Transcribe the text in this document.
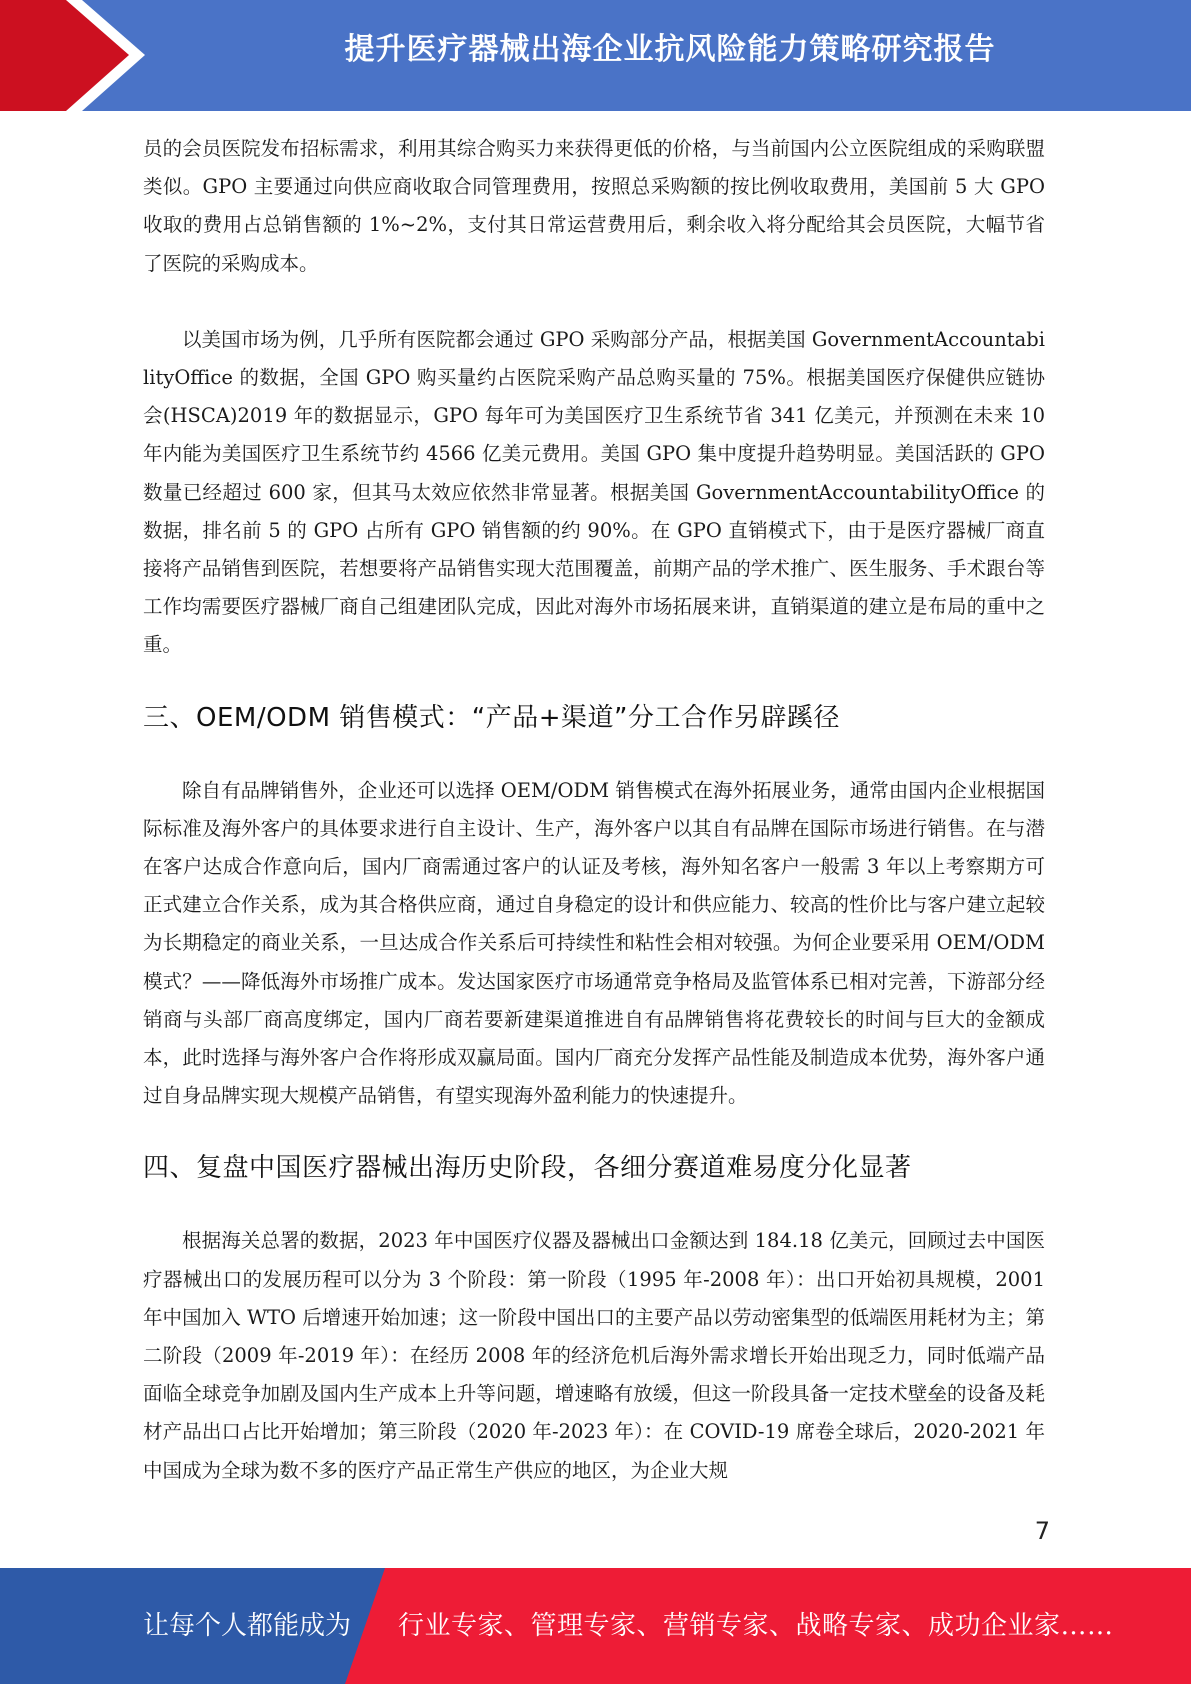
提升医疗器械出海企业抗风险能力策略研究报告

员的会员医院发布招标需求，利用其综合购买力来获得更低的价格，与当前国内公立医院组成的采购联盟类似。GPO 主要通过向供应商收取合同管理费用，按照总采购额的按比例收取费用，美国前 5 大 GPO 收取的费用占总销售额的 1%~2%，支付其日常运营费用后，剩余收入将分配给其会员医院，大幅节省了医院的采购成本。

以美国市场为例，几乎所有医院都会通过 GPO 采购部分产品，根据美国 GovernmentAccountabilityOffice 的数据，全国 GPO 购买量约占医院采购产品总购买量的 75%。根据美国医疗保健供应链协会(HSCA)2019 年的数据显示，GPO 每年可为美国医疗卫生系统节省 341 亿美元，并预测在未来 10 年内能为美国医疗卫生系统节约 4566 亿美元费用。美国 GPO 集中度提升趋势明显。美国活跃的 GPO 数量已经超过 600 家，但其马太效应依然非常显著。根据美国 GovernmentAccountabilityOffice 的数据，排名前 5 的 GPO 占所有 GPO 销售额的约 90%。在 GPO 直销模式下，由于是医疗器械厂商直接将产品销售到医院，若想要将产品销售实现大范围覆盖，前期产品的学术推广、医生服务、手术跟台等工作均需要医疗器械厂商自己组建团队完成，因此对海外市场拓展来讲，直销渠道的建立是布局的重中之重。

三、OEM/ODM 销售模式：“产品+渠道”分工合作另辟蹊径

除自有品牌销售外，企业还可以选择 OEM/ODM 销售模式在海外拓展业务，通常由国内企业根据国际标准及海外客户的具体要求进行自主设计、生产，海外客户以其自有品牌在国际市场进行销售。在与潜在客户达成合作意向后，国内厂商需通过客户的认证及考核，海外知名客户一般需 3 年以上考察期方可正式建立合作关系，成为其合格供应商，通过自身稳定的设计和供应能力、较高的性价比与客户建立起较为长期稳定的商业关系，一旦达成合作关系后可持续性和粘性会相对较强。为何企业要采用 OEM/ODM 模式？——降低海外市场推广成本。发达国家医疗市场通常竞争格局及监管体系已相对完善，下游部分经销商与头部厂商高度绑定，国内厂商若要新建渠道推进自有品牌销售将花费较长的时间与巨大的金额成本，此时选择与海外客户合作将形成双赢局面。国内厂商充分发挥产品性能及制造成本优势，海外客户通过自身品牌实现大规模产品销售，有望实现海外盈利能力的快速提升。

四、复盘中国医疗器械出海历史阶段，各细分赛道难易度分化显著

根据海关总署的数据，2023 年中国医疗仪器及器械出口金额达到 184.18 亿美元，回顾过去中国医疗器械出口的发展历程可以分为 3 个阶段：第一阶段（1995 年-2008 年）：出口开始初具规模，2001 年中国加入 WTO 后增速开始加速；这一阶段中国出口的主要产品以劳动密集型的低端医用耗材为主；第二阶段（2009 年-2019 年）：在经历 2008 年的经济危机后海外需求增长开始出现乏力，同时低端产品面临全球竞争加剧及国内生产成本上升等问题，增速略有放缓，但这一阶段具备一定技术壁垒的设备及耗材产品出口占比开始增加；第三阶段（2020 年-2023 年）：在 COVID-19 席卷全球后，2020-2021 年中国成为全球为数不多的医疗产品正常生产供应的地区，为企业大规

7
让每个人都能成为 行业专家、管理专家、营销专家、战略专家、成功企业家……
